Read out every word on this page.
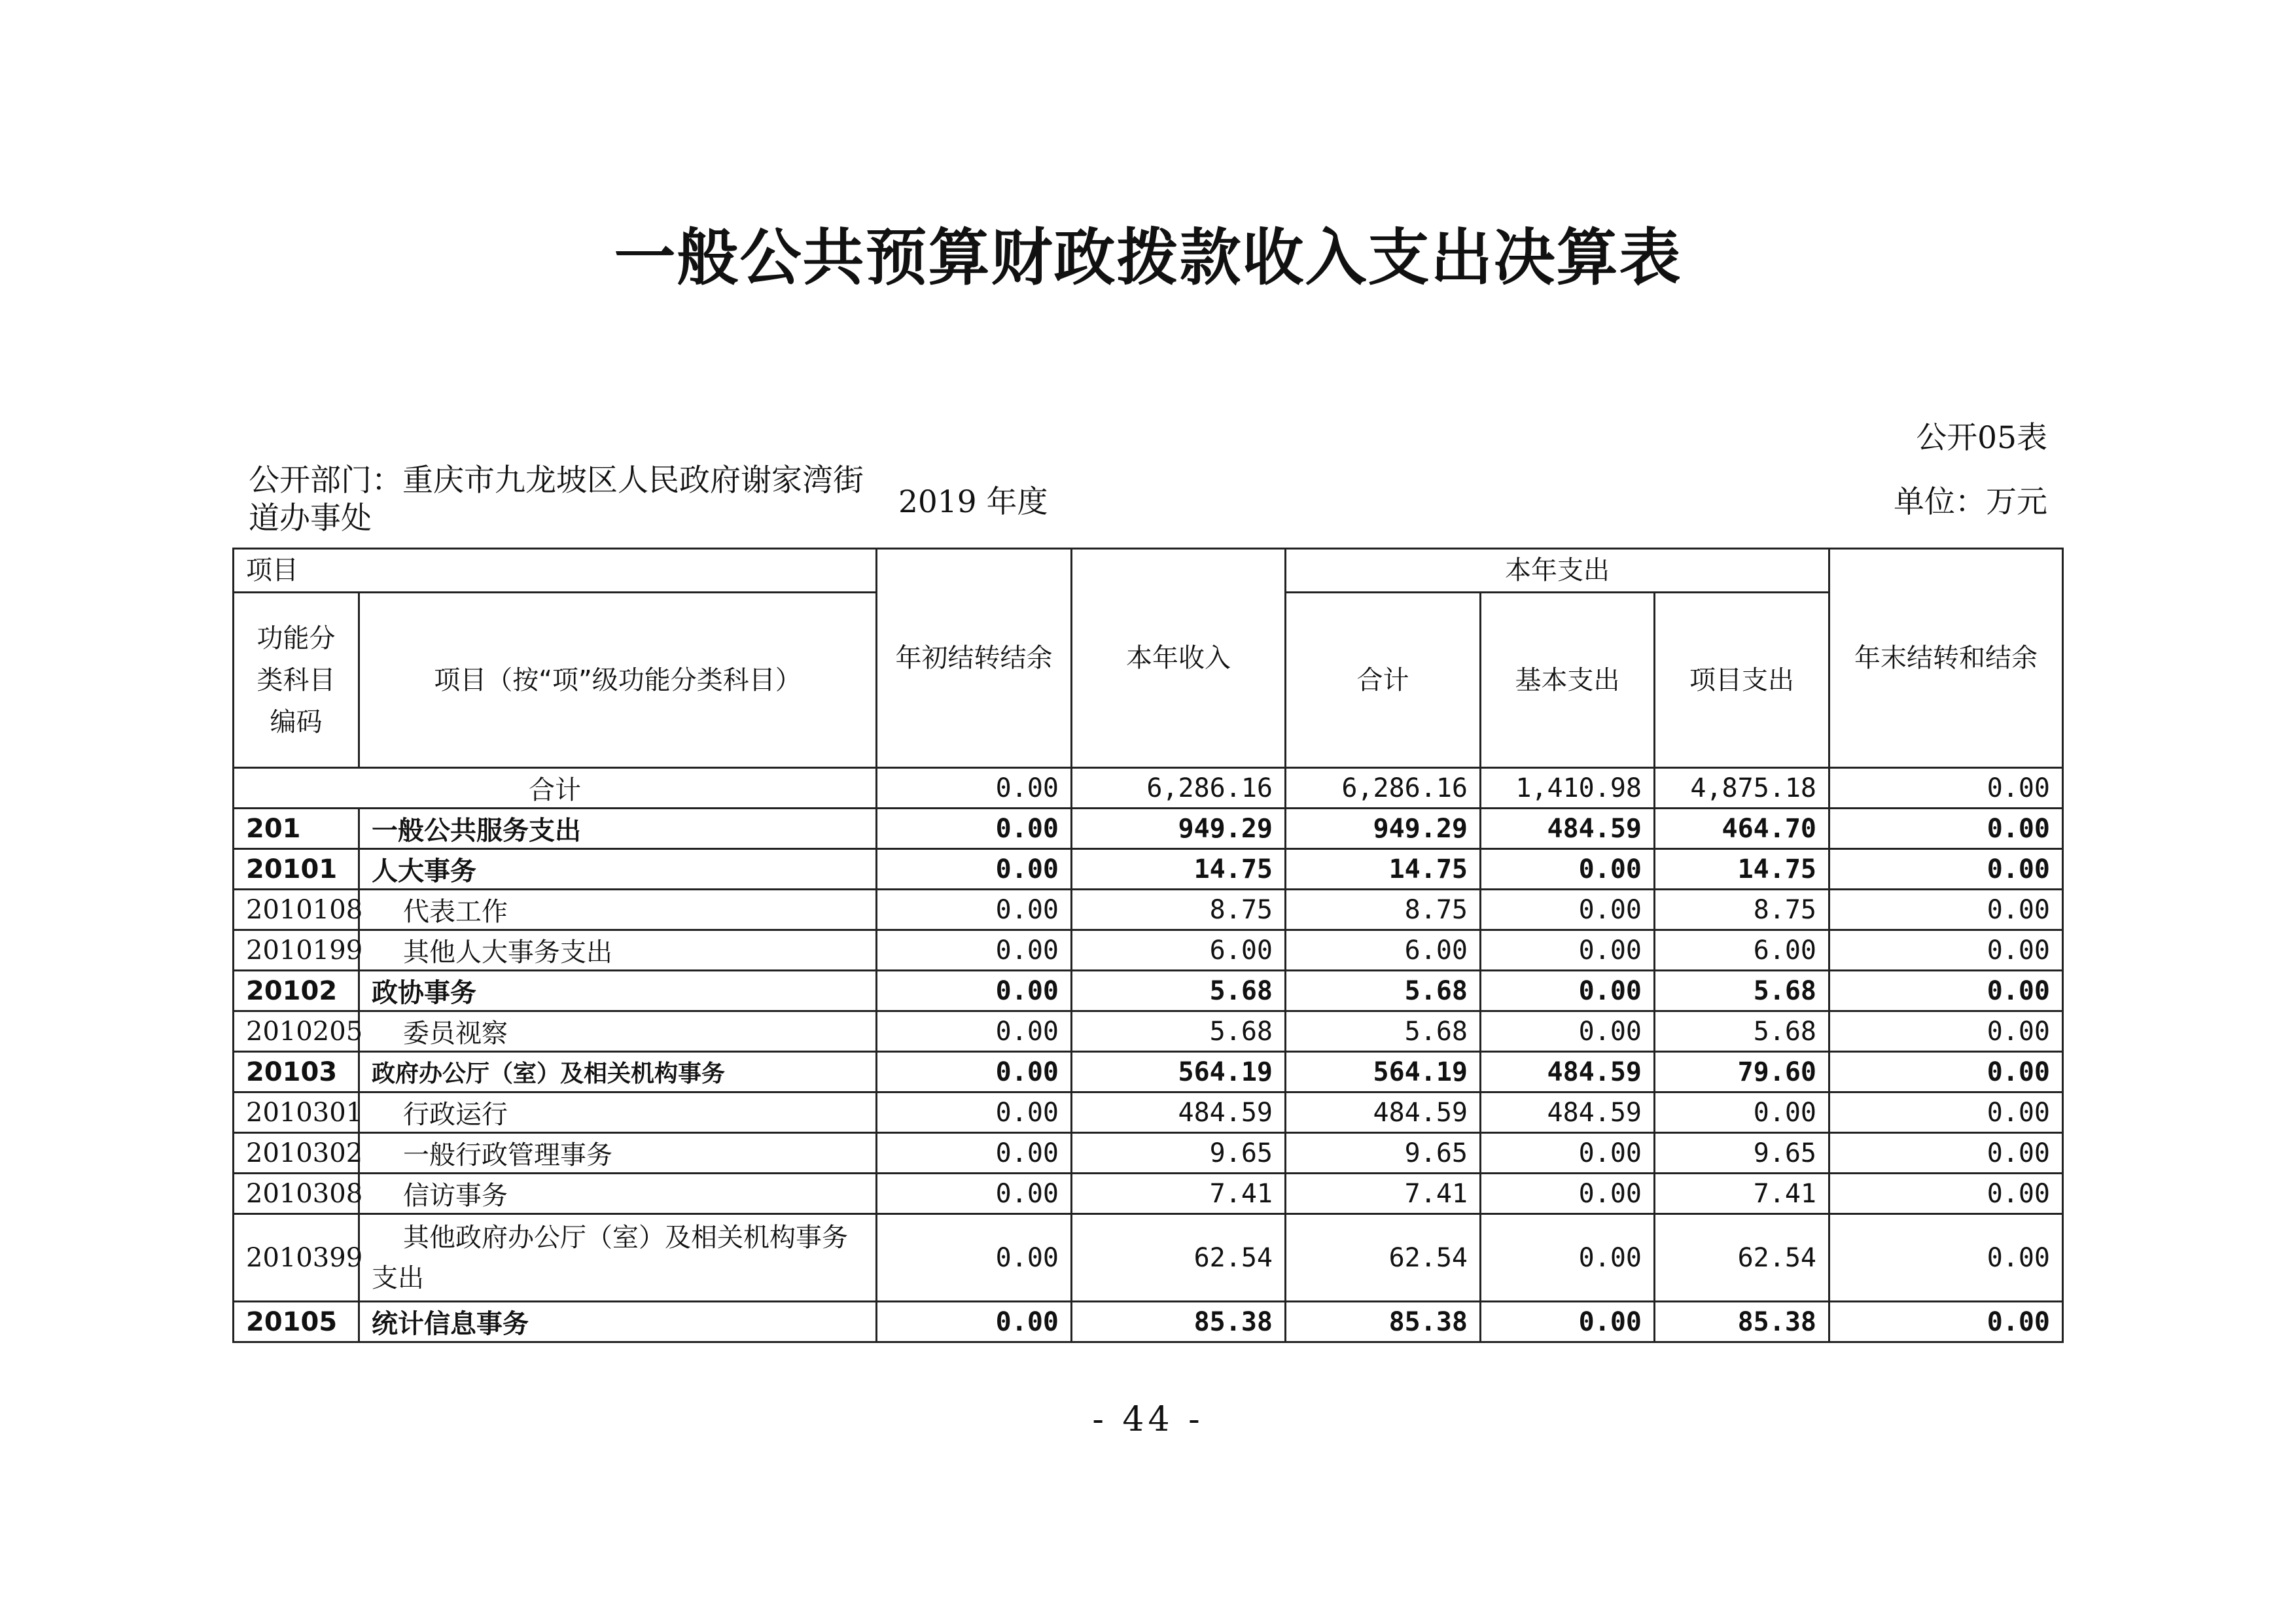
一般公共预算财政拨款收入支出决算表
公开05表
公开部门：重庆市九龙坡区人民政府谢家湾街道办事处	2019 年度	单位：万元
项目		年初结转结余	本年收入	本年支出			年末结转和结余
功能分类科目编码	项目（按“项”级功能分类科目）			合计	基本支出	项目支出	
合计		0.00	6,286.16	6,286.16	1,410.98	4,875.18	0.00
201	一般公共服务支出	0.00	949.29	949.29	484.59	464.70	0.00
20101	人大事务	0.00	14.75	14.75	0.00	14.75	0.00
2010108	代表工作	0.00	8.75	8.75	0.00	8.75	0.00
2010199	其他人大事务支出	0.00	6.00	6.00	0.00	6.00	0.00
20102	政协事务	0.00	5.68	5.68	0.00	5.68	0.00
2010205	委员视察	0.00	5.68	5.68	0.00	5.68	0.00
20103	政府办公厅（室）及相关机构事务	0.00	564.19	564.19	484.59	79.60	0.00
2010301	行政运行	0.00	484.59	484.59	484.59	0.00	0.00
2010302	一般行政管理事务	0.00	9.65	9.65	0.00	9.65	0.00
2010308	信访事务	0.00	7.41	7.41	0.00	7.41	0.00
2010399	其他政府办公厅（室）及相关机构事务支出	0.00	62.54	62.54	0.00	62.54	0.00
20105	统计信息事务	0.00	85.38	85.38	0.00	85.38	0.00
- 44 -
